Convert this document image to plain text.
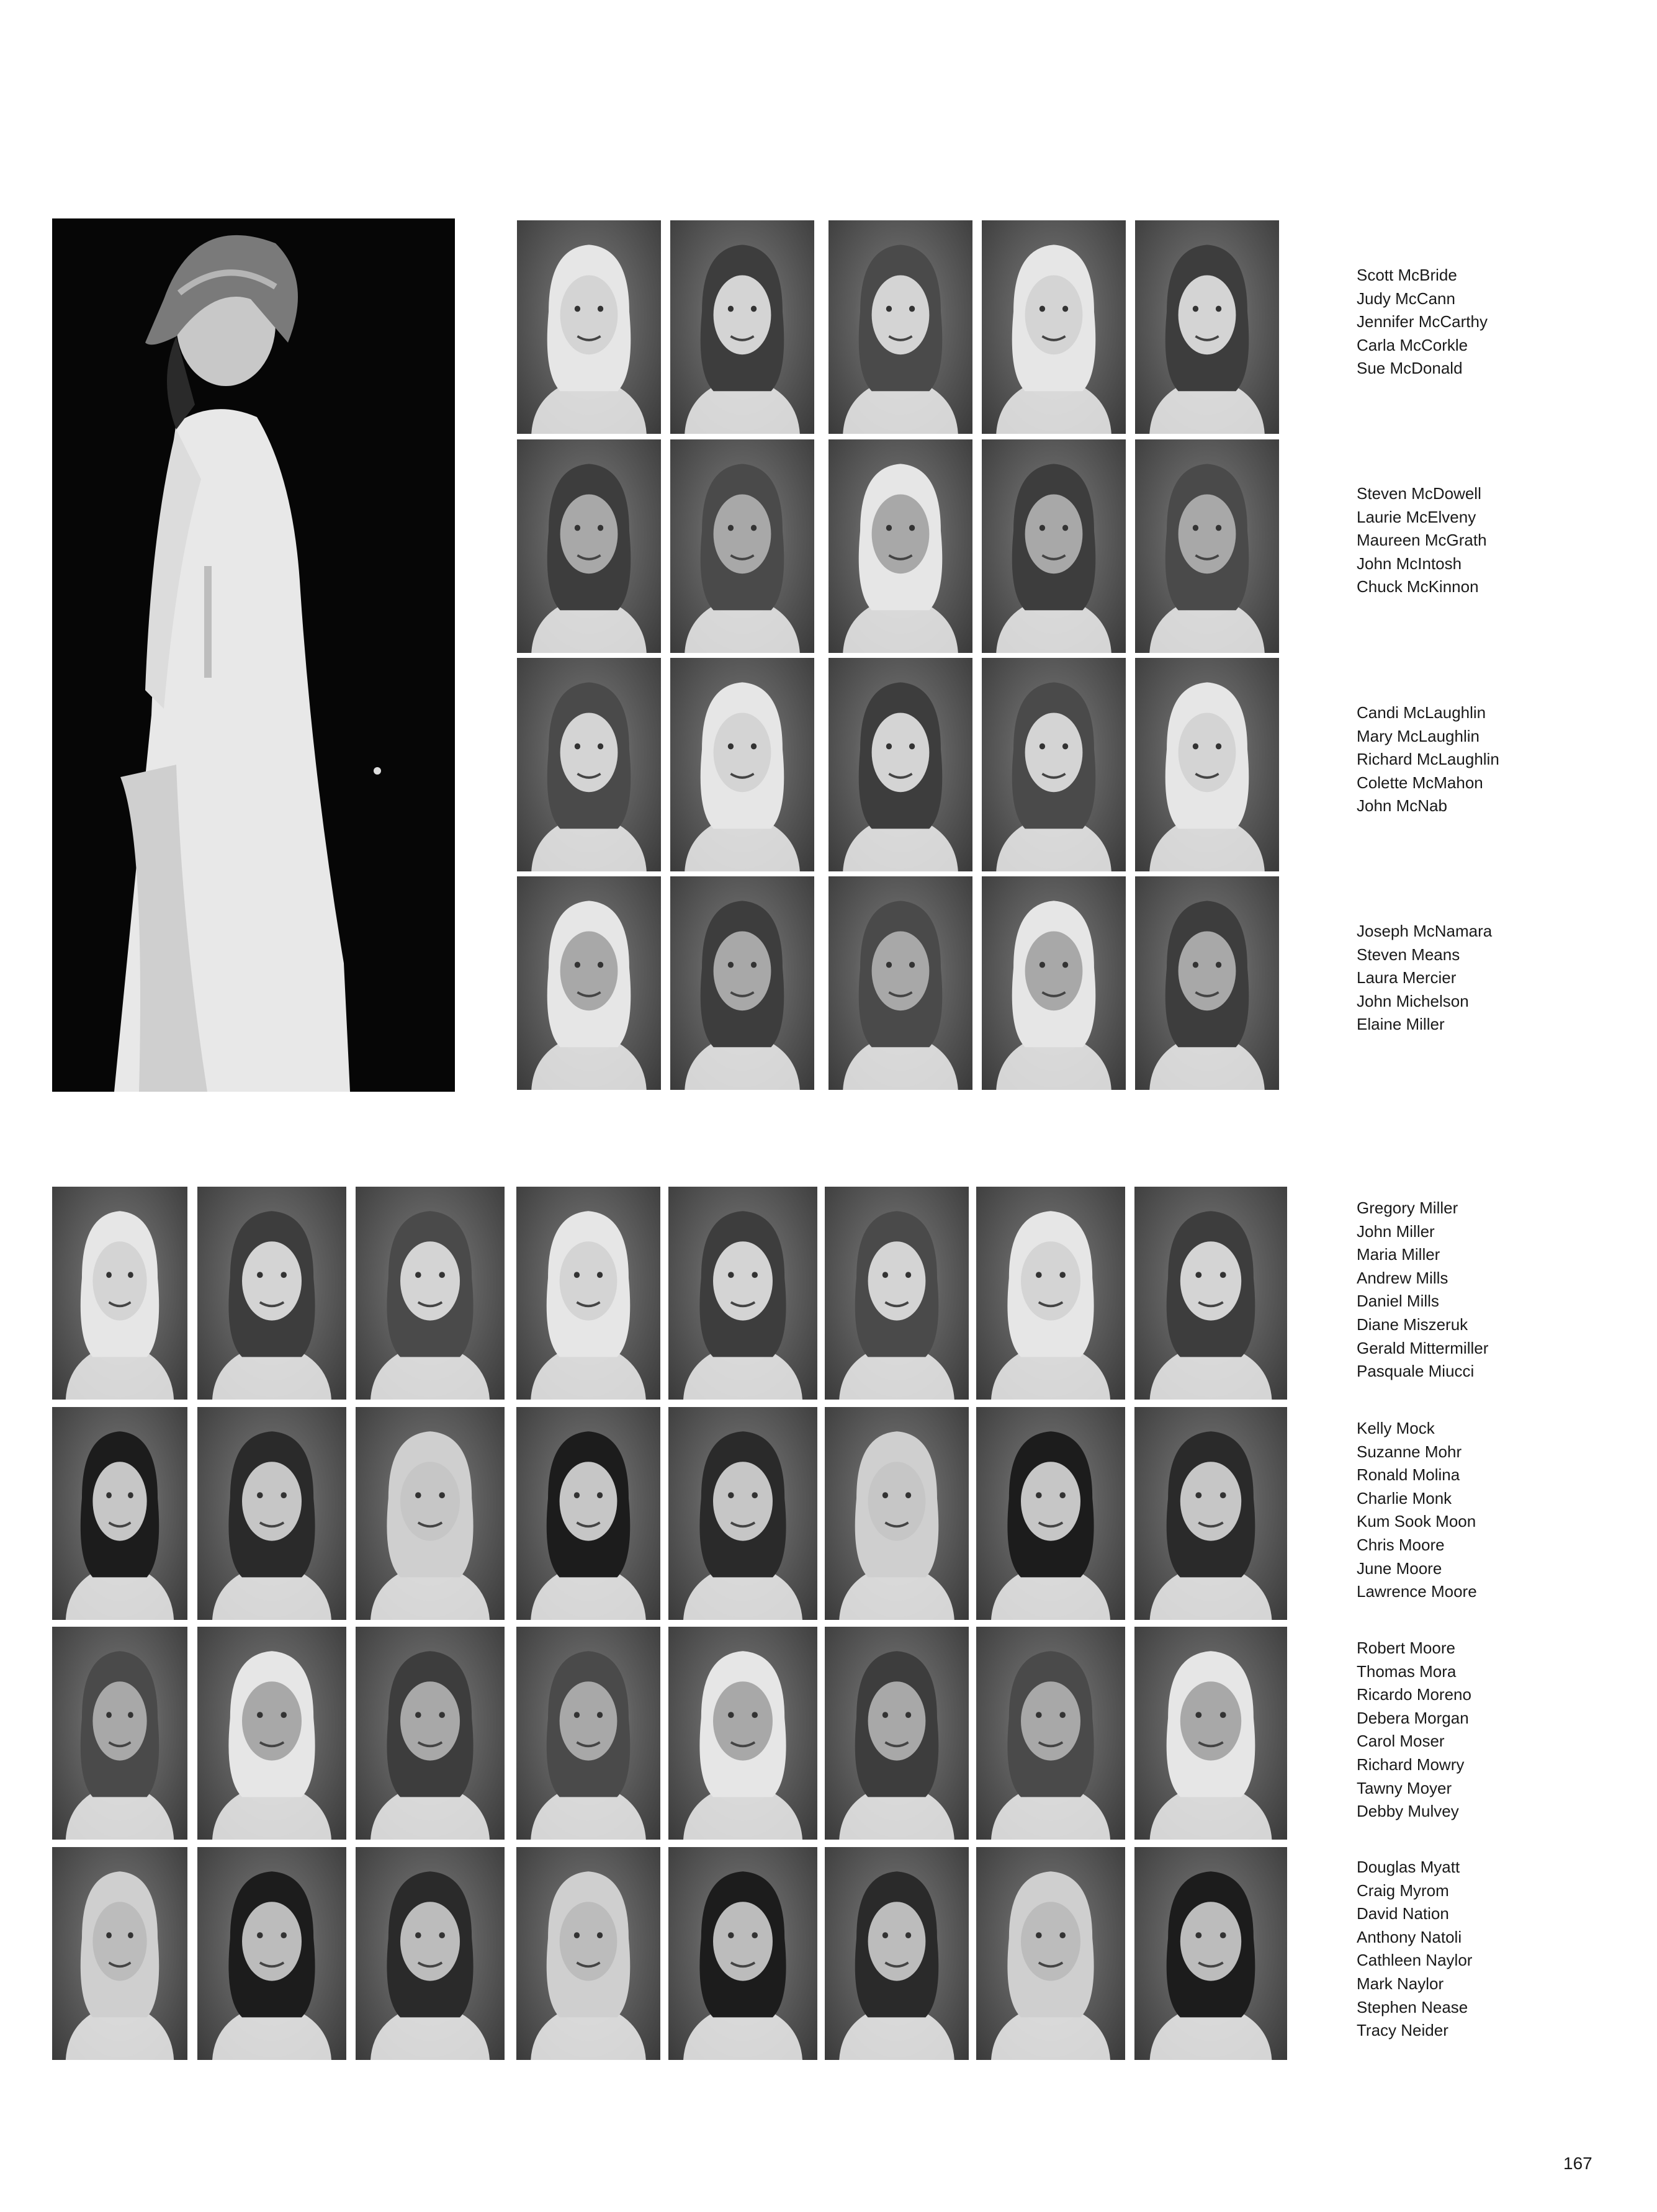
Scott McBride
Judy McCann
Jennifer McCarthy
Carla McCorkle
Sue McDonald
Steven McDowell
Laurie McElveny
Maureen McGrath
John McIntosh
Chuck McKinnon
Candi McLaughlin
Mary McLaughlin
Richard McLaughlin
Colette McMahon
John McNab
Joseph McNamara
Steven Means
Laura Mercier
John Michelson
Elaine Miller
Gregory Miller
John Miller
Maria Miller
Andrew Mills
Daniel Mills
Diane Miszeruk
Gerald Mittermiller
Pasquale Miucci
Kelly Mock
Suzanne Mohr
Ronald Molina
Charlie Monk
Kum Sook Moon
Chris Moore
June Moore
Lawrence Moore
Robert Moore
Thomas Mora
Ricardo Moreno
Debera Morgan
Carol Moser
Richard Mowry
Tawny Moyer
Debby Mulvey
Douglas Myatt
Craig Myrom
David Nation
Anthony Natoli
Cathleen Naylor
Mark Naylor
Stephen Nease
Tracy Neider
167
